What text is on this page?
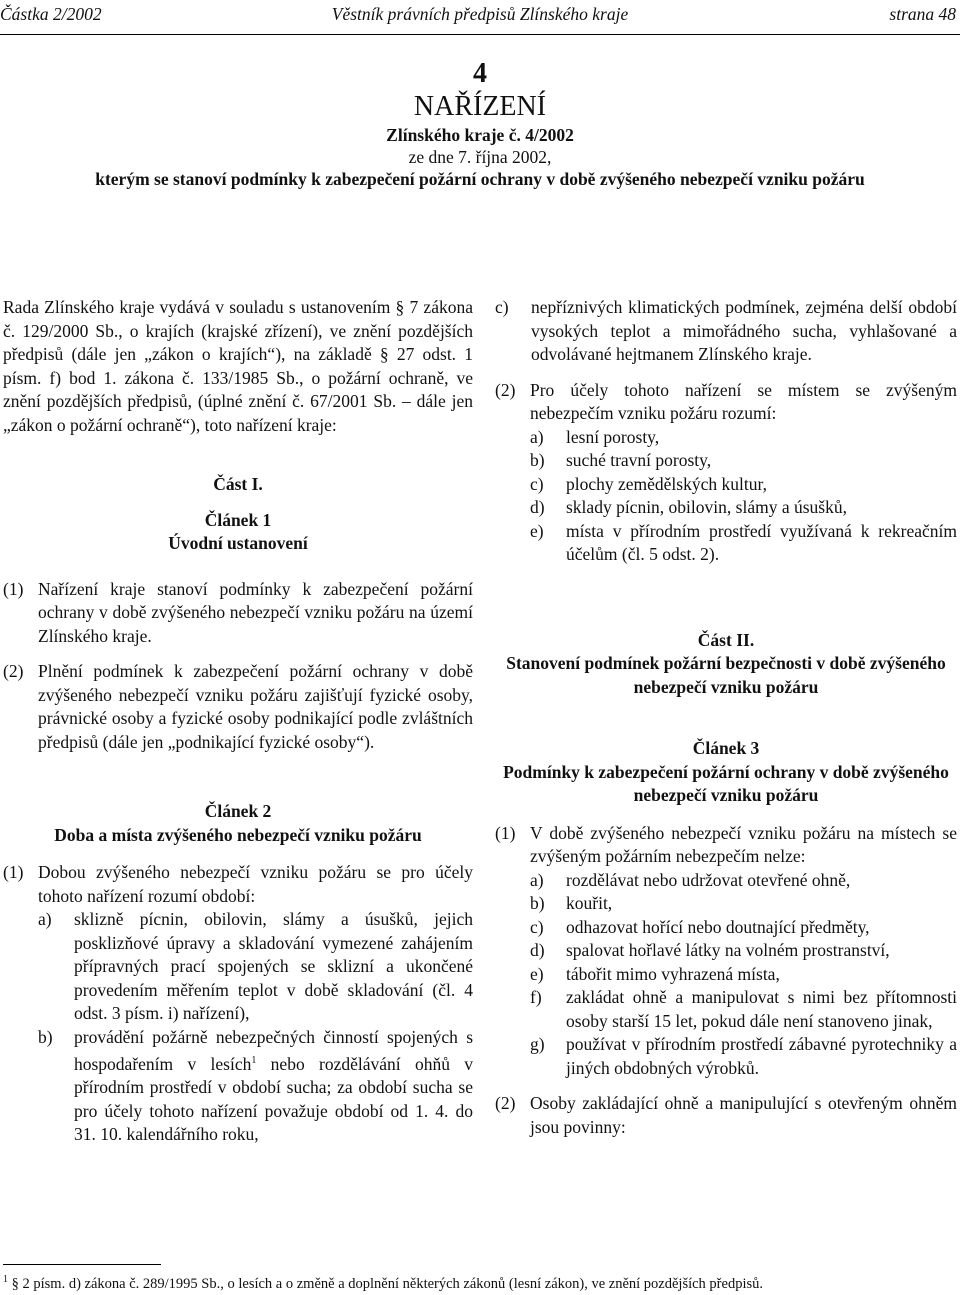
Částka 2/2002	Věstník právních předpisů Zlínského kraje	strana 48
4
NAŘÍZENÍ
Zlínského kraje č. 4/2002
ze dne 7. října 2002,
kterým se stanoví podmínky k zabezpečení požární ochrany v době zvýšeného nebezpečí vzniku požáru

Rada Zlínského kraje vydává v souladu s ustanovením § 7 zákona č. 129/2000 Sb., o krajích (krajské zřízení), ve znění pozdějších předpisů (dále jen „zákon o krajích“), na základě § 27 odst. 1 písm. f) bod 1. zákona č. 133/1985 Sb., o požární ochraně, ve znění pozdějších předpisů, (úplné znění č. 67/2001 Sb. – dále jen „zákon o požární ochraně“), toto nařízení kraje:

Část I.

Článek 1

Úvodní ustanovení

(1) Nařízení kraje stanoví podmínky k zabezpečení požární ochrany v době zvýšeného nebezpečí vzniku požáru na území Zlínského kraje.
(2) Plnění podmínek k zabezpečení požární ochrany v době zvýšeného nebezpečí vzniku požáru zajišťují fyzické osoby, právnické osoby a fyzické osoby podnikající podle zvláštních předpisů (dále jen „podnikající fyzické osoby“).

Článek 2

Doba a místa zvýšeného nebezpečí vzniku požáru

(1) Dobou zvýšeného nebezpečí vzniku požáru se pro účely tohoto nařízení rozumí období:
a) sklizně pícnin, obilovin, slámy a úsušků, jejich posklizňové úpravy a skladování vymezené zahájením přípravných prací spojených se sklizní a ukončené provedením měřením teplot v době skladování (čl. 4 odst. 3 písm. i) nařízení),
b) provádění požárně nebezpečných činností spojených s hospodařením v lesích$^1$ nebo rozdělávání ohňů v přírodním prostředí v období sucha; za období sucha se pro účely tohoto nařízení považuje období od 1. 4. do 31. 10. kalendářního roku,
c) nepříznivých klimatických podmínek, zejména delší období vysokých teplot a mimořádného sucha, vyhlašované a odvolávané hejtmanem Zlínského kraje.
(2) Pro účely tohoto nařízení se místem se zvýšeným nebezpečím vzniku požáru rozumí:
a) lesní porosty,
b) suché travní porosty,
c) plochy zemědělských kultur,
d) sklady pícnin, obilovin, slámy a úsušků,
e) místa v přírodním prostředí využívaná k rekreačním účelům (čl. 5 odst. 2).

Část II.

Stanovení podmínek požární bezpečnosti v době zvýšeného nebezpečí vzniku požáru

Článek 3

Podmínky k zabezpečení požární ochrany v době zvýšeného nebezpečí vzniku požáru

(1) V době zvýšeného nebezpečí vzniku požáru na místech se zvýšeným požárním nebezpečím nelze:
a) rozdělávat nebo udržovat otevřené ohně,
b) kouřit,
c) odhazovat hořící nebo doutnající předměty,
d) spalovat hořlavé látky na volném prostranství,
e) tábořit mimo vyhrazená místa,
f) zakládat ohně a manipulovat s nimi bez přítomnosti osoby starší 15 let, pokud dále není stanoveno jinak,
g) používat v přírodním prostředí zábavné pyrotechniky a jiných obdobných výrobků.
(2) Osoby zakládající ohně a manipulující s otevřeným ohněm jsou povinny:
$^1$ § 2 písm. d) zákona č. 289/1995 Sb., o lesích a o změně a doplnění některých zákonů (lesní zákon), ve znění pozdějších předpisů.
